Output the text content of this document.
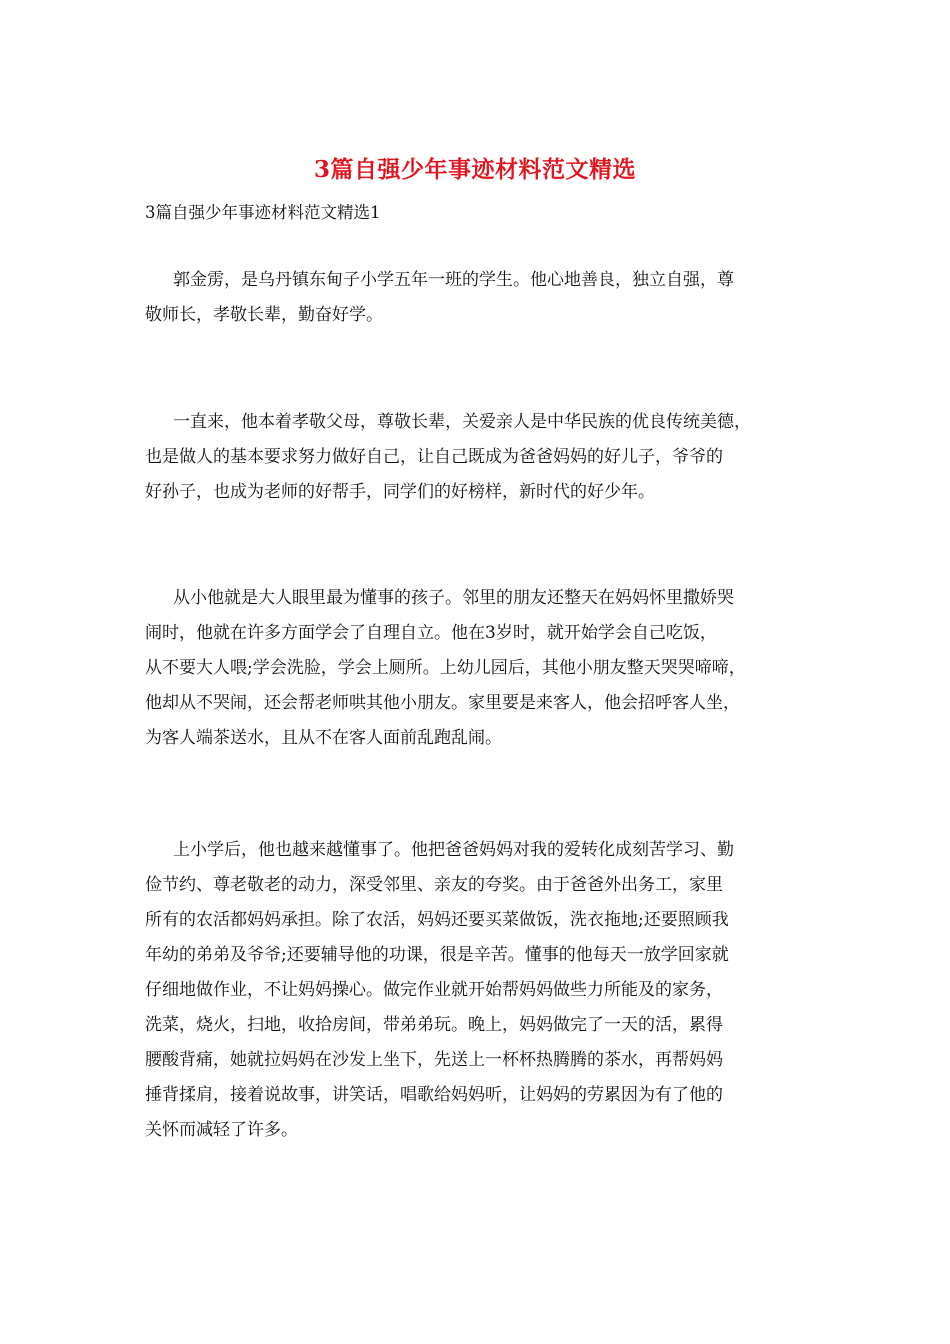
3篇自强少年事迹材料范文精选
3篇自强少年事迹材料范文精选1
郭金雳，是乌丹镇东甸子小学五年一班的学生。他心地善良，独立自强，尊
敬师长，孝敬长辈，勤奋好学。
一直来，他本着孝敬父母，尊敬长辈，关爱亲人是中华民族的优良传统美德，
也是做人的基本要求努力做好自己，让自己既成为爸爸妈妈的好儿子，爷爷的
好孙子，也成为老师的好帮手，同学们的好榜样，新时代的好少年。
从小他就是大人眼里最为懂事的孩子。邻里的朋友还整天在妈妈怀里撒娇哭
闹时，他就在许多方面学会了自理自立。他在3岁时，就开始学会自己吃饭，
从不要大人喂;学会洗脸，学会上厕所。上幼儿园后，其他小朋友整天哭哭啼啼，
他却从不哭闹，还会帮老师哄其他小朋友。家里要是来客人，他会招呼客人坐，
为客人端茶送水，且从不在客人面前乱跑乱闹。
上小学后，他也越来越懂事了。他把爸爸妈妈对我的爱转化成刻苦学习、勤
俭节约、尊老敬老的动力，深受邻里、亲友的夸奖。由于爸爸外出务工，家里
所有的农活都妈妈承担。除了农活，妈妈还要买菜做饭，洗衣拖地;还要照顾我
年幼的弟弟及爷爷;还要辅导他的功课，很是辛苦。懂事的他每天一放学回家就
仔细地做作业，不让妈妈操心。做完作业就开始帮妈妈做些力所能及的家务，
洗菜，烧火，扫地，收拾房间，带弟弟玩。晚上，妈妈做完了一天的活，累得
腰酸背痛，她就拉妈妈在沙发上坐下，先送上一杯杯热腾腾的茶水，再帮妈妈
捶背揉肩，接着说故事，讲笑话，唱歌给妈妈听，让妈妈的劳累因为有了他的
关怀而减轻了许多。
